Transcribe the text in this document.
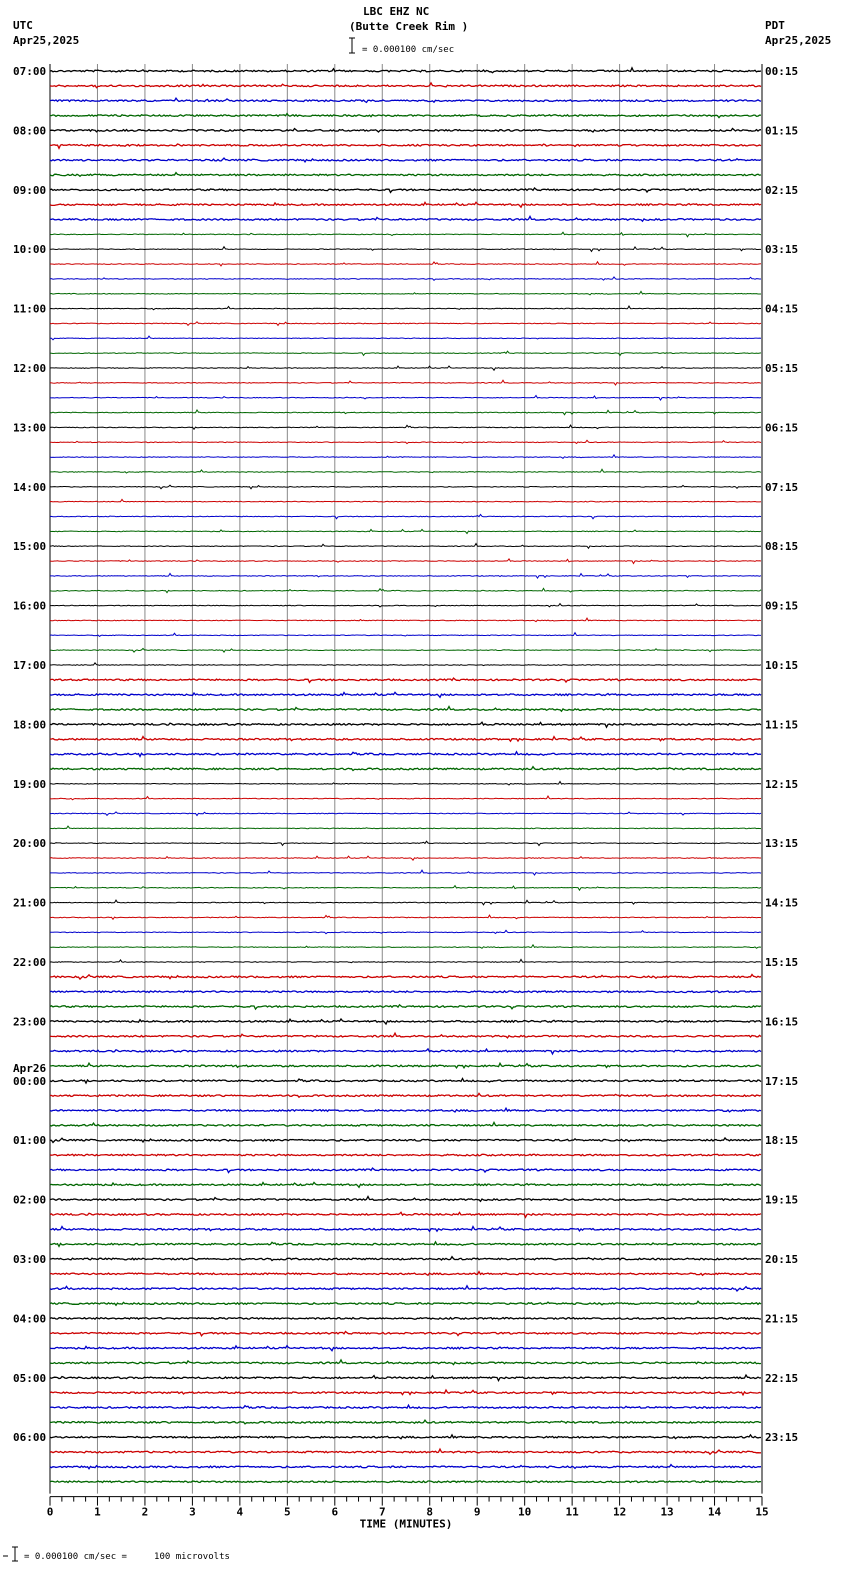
LBC EHZ NC
(Butte Creek Rim )
= 0.000100 cm/sec
UTC
Apr25,2025
PDT
Apr25,2025
07:00
08:00
09:00
10:00
11:00
12:00
13:00
14:00
15:00
16:00
17:00
18:00
19:00
20:00
21:00
22:00
23:00
00:00
01:00
02:00
03:00
04:00
05:00
06:00
00:15
01:15
02:15
03:15
04:15
05:15
06:15
07:15
08:15
09:15
10:15
11:15
12:15
13:15
14:15
15:15
16:15
17:15
18:15
19:15
20:15
21:15
22:15
23:15
Apr26
0	1	2	3	4	5	6	7	8	9	10	11	12	13	14	15
TIME (MINUTES)
= 0.000100 cm/sec =     100 microvolts
